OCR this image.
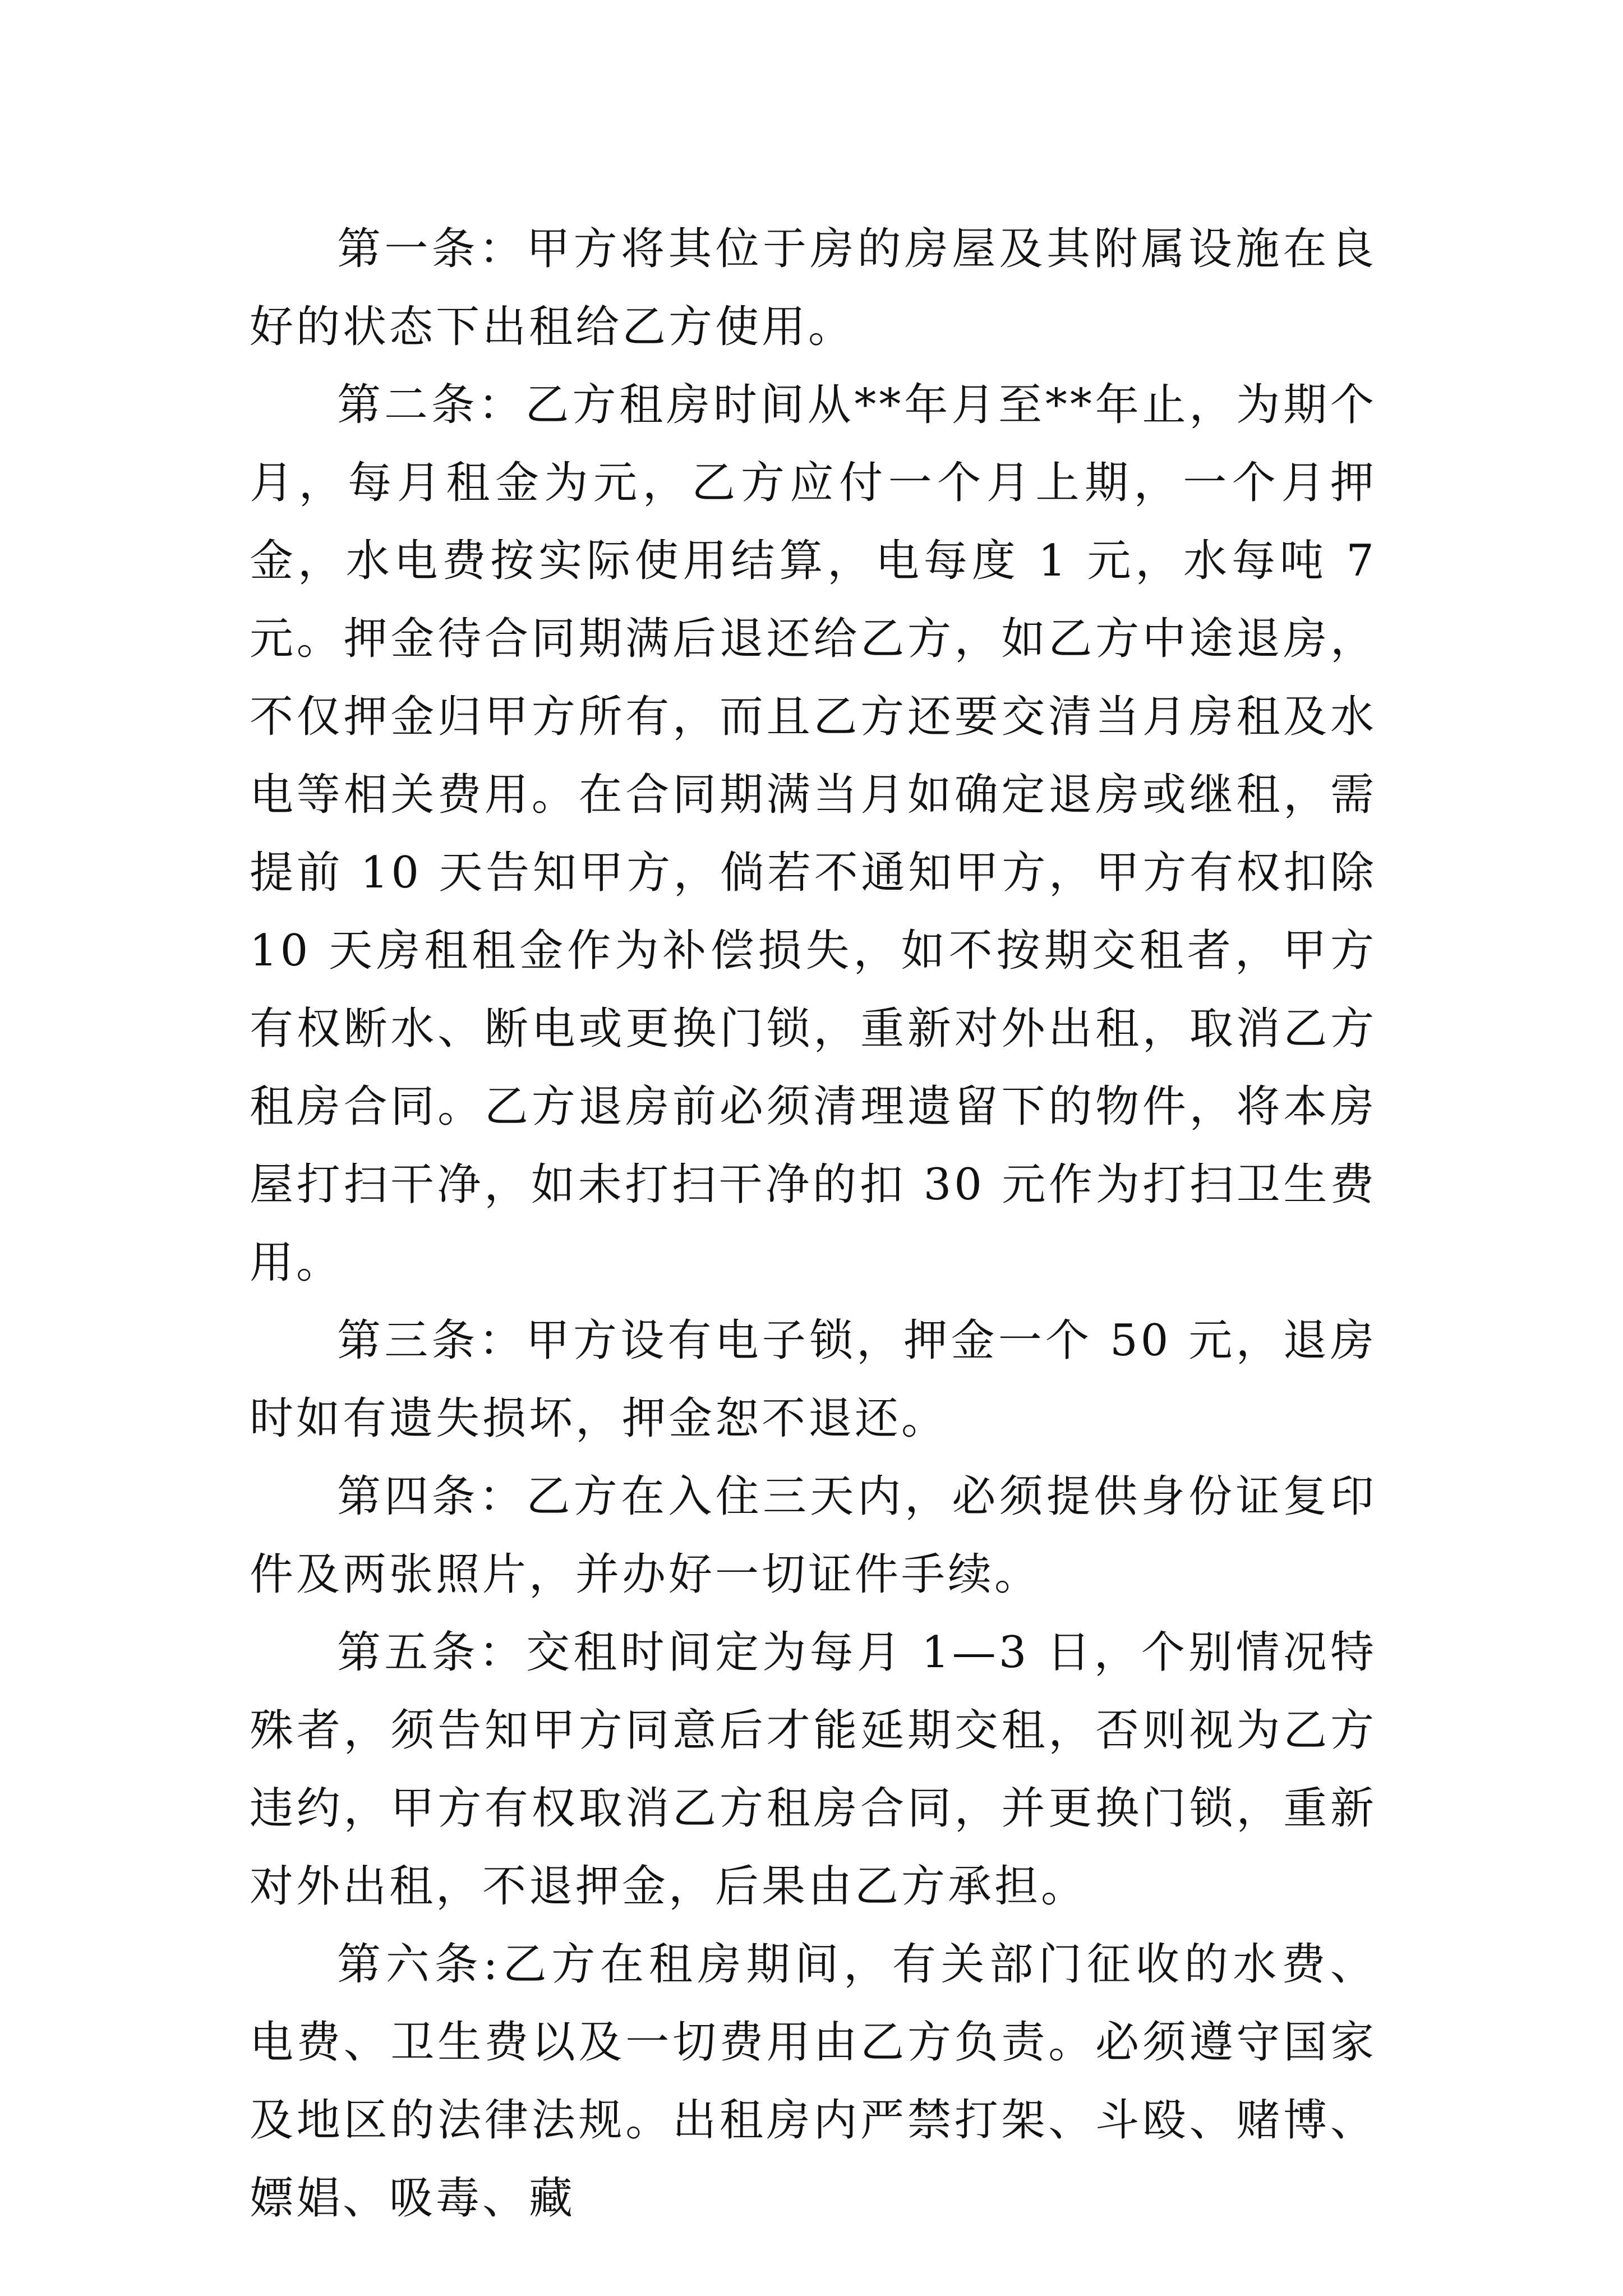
第一条：甲方将其位于房的房屋及其附属设施在良好的状态下出租给乙方使用。

第二条：乙方租房时间从**年月至**年止，为期个月，每月租金为元，乙方应付一个月上期，一个月押金，水电费按实际使用结算，电每度 1 元，水每吨 7 元。押金待合同期满后退还给乙方，如乙方中途退房，不仅押金归甲方所有，而且乙方还要交清当月房租及水电等相关费用。在合同期满当月如确定退房或继租，需提前 10 天告知甲方，倘若不通知甲方，甲方有权扣除 10 天房租租金作为补偿损失，如不按期交租者，甲方有权断水、断电或更换门锁，重新对外出租，取消乙方租房合同。乙方退房前必须清理遗留下的物件，将本房屋打扫干净，如未打扫干净的扣 30 元作为打扫卫生费用。

第三条：甲方设有电子锁，押金一个 50 元，退房时如有遗失损坏，押金恕不退还。

第四条：乙方在入住三天内，必须提供身份证复印件及两张照片，并办好一切证件手续。

第五条：交租时间定为每月 1—3 日，个别情况特殊者，须告知甲方同意后才能延期交租，否则视为乙方违约，甲方有权取消乙方租房合同，并更换门锁，重新对外出租，不退押金，后果由乙方承担。

第六条:乙方在租房期间，有关部门征收的水费、电费、卫生费以及一切费用由乙方负责。必须遵守国家及地区的法律法规。出租房内严禁打架、斗殴、赌博、嫖娼、吸毒、藏
